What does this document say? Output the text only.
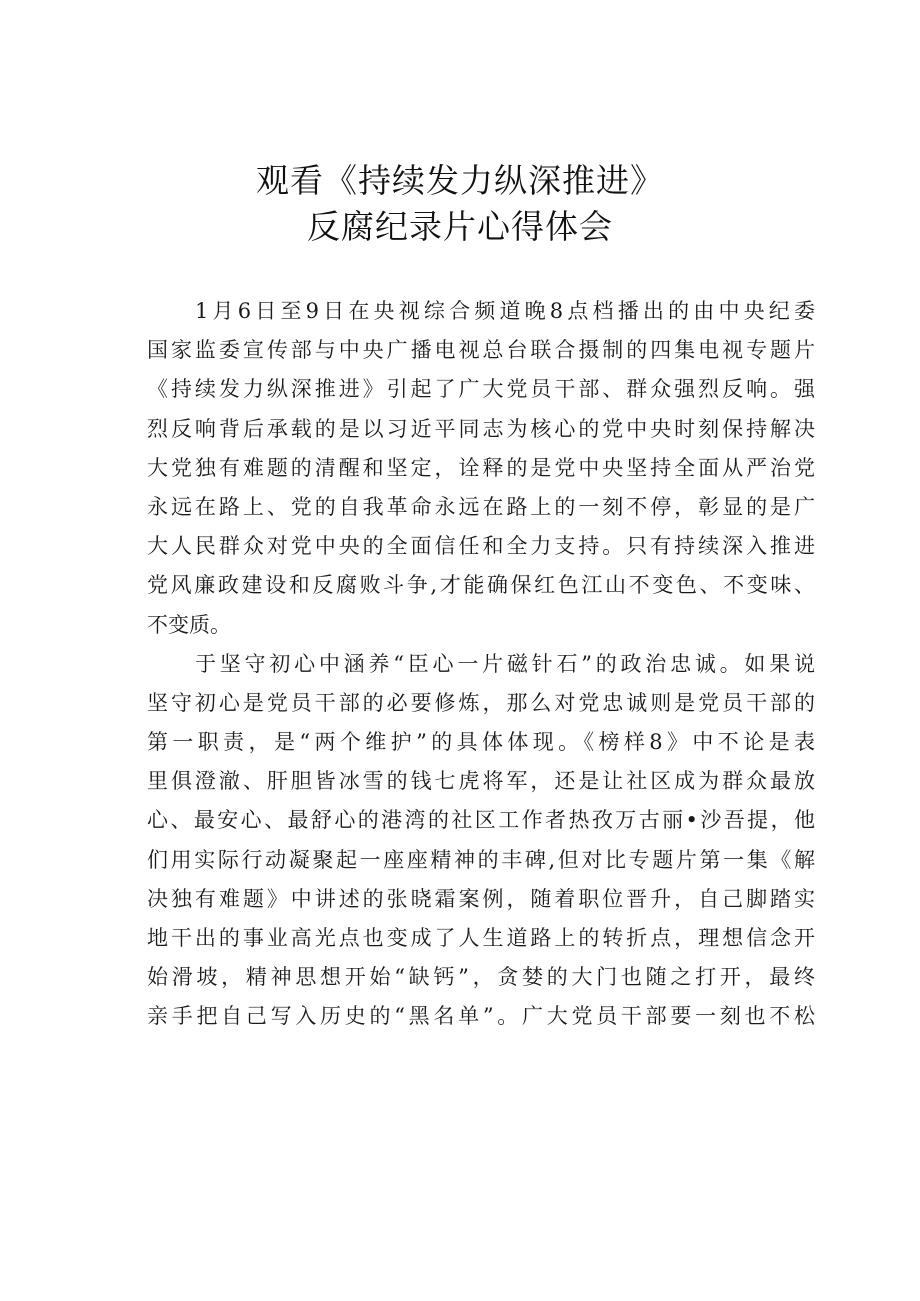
观看《持续发力纵深推进》
反腐纪录片心得体会
1月6日至9日在央视综合频道晚8点档播出的由中央纪委
国家监委宣传部与中央广播电视总台联合摄制的四集电视专题片
《持续发力纵深推进》引起了广大党员干部、群众强烈反响。强
烈反响背后承载的是以习近平同志为核心的党中央时刻保持解决
大党独有难题的清醒和坚定，诠释的是党中央坚持全面从严治党
永远在路上、党的自我革命永远在路上的一刻不停，彰显的是广
大人民群众对党中央的全面信任和全力支持。只有持续深入推进
党风廉政建设和反腐败斗争,才能确保红色江山不变色、不变味、
不变质。
于坚守初心中涵养“臣心一片磁针石”的政治忠诚。如果说
坚守初心是党员干部的必要修炼，那么对党忠诚则是党员干部的
第一职责，是“两个维护”的具体体现。《榜样8》中不论是表
里俱澄澈、肝胆皆冰雪的钱七虎将军，还是让社区成为群众最放
心、最安心、最舒心的港湾的社区工作者热孜万古丽•沙吾提，他
们用实际行动凝聚起一座座精神的丰碑,但对比专题片第一集《解
决独有难题》中讲述的张晓霜案例，随着职位晋升，自己脚踏实
地干出的事业高光点也变成了人生道路上的转折点，理想信念开
始滑坡，精神思想开始“缺钙”，贪婪的大门也随之打开，最终
亲手把自己写入历史的“黑名单”。广大党员干部要一刻也不松
